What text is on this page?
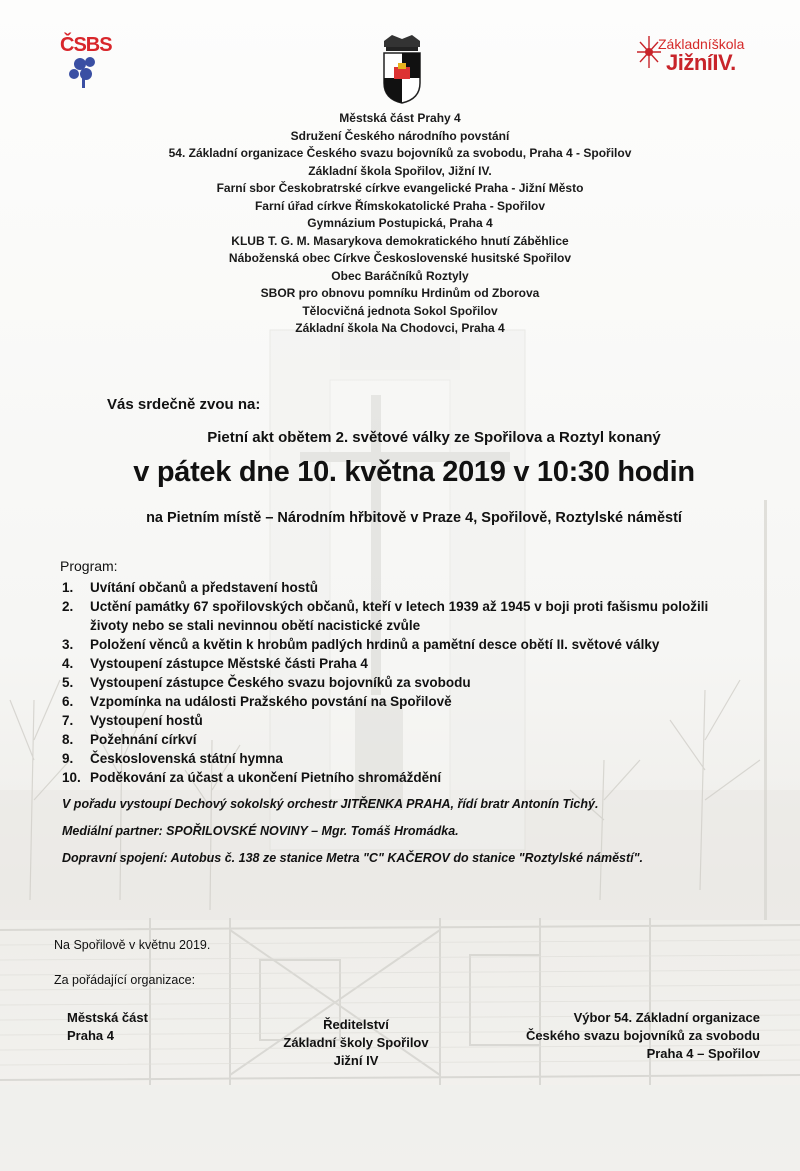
ČSBS	Základníškola
JižníIV.
Městská část Prahy 4
Sdružení Českého národního povstání
54. Základní organizace Českého svazu bojovníků za svobodu, Praha 4 - Spořilov
Základní škola Spořilov, Jižní IV.
Farní sbor Českobratrské církve evangelické Praha - Jižní Město
Farní úřad církve Římskokatolické Praha - Spořilov
Gymnázium Postupická, Praha 4
KLUB T. G. M. Masarykova demokratického hnutí Záběhlice
Náboženská obec Církve Československé husitské Spořilov
Obec Baráčníků Roztyly
SBOR pro obnovu pomníku Hrdinům od Zborova
Tělocvičná jednota Sokol Spořilov
Základní škola Na Chodovci, Praha 4
Vás srdečně zvou na:
Pietní akt obětem 2. světové války ze Spořilova a Roztyl konaný
v pátek dne 10. května 2019 v 10:30 hodin
na Pietním místě – Národním hřbitově v Praze 4, Spořilově, Roztylské náměstí
Program:
1. Uvítání občanů a představení hostů
2. Uctění památky 67 spořilovských občanů, kteří v letech 1939 až 1945 v boji proti fašismu položili
životy nebo se stali nevinnou obětí nacistické zvůle
3. Položení věnců a květin k hrobům padlých hrdinů a pamětní desce obětí II. světové války
4. Vystoupení zástupce Městské části Praha 4
5. Vystoupení zástupce Českého svazu bojovníků za svobodu
6. Vzpomínka na události Pražského povstání na Spořilově
7. Vystoupení hostů
8. Požehnání církví
9. Československá státní hymna
10. Poděkování za účast a ukončení Pietního shromáždění
V pořadu vystoupí Dechový sokolský orchestr JITŘENKA PRAHA, řídí bratr Antonín Tichý.
Mediální partner: SPOŘILOVSKÉ NOVINY – Mgr. Tomáš Hromádka.
Dopravní spojení: Autobus č. 138 ze stanice Metra "C" KAČEROV do stanice "Roztylské náměstí".
Na Spořilově v květnu 2019.
Za pořádající organizace:
Městská část
Praha 4
Ředitelství
Základní školy Spořilov
Jižní IV
Výbor 54. Základní organizace
Českého svazu bojovníků za svobodu
Praha 4 – Spořilov
